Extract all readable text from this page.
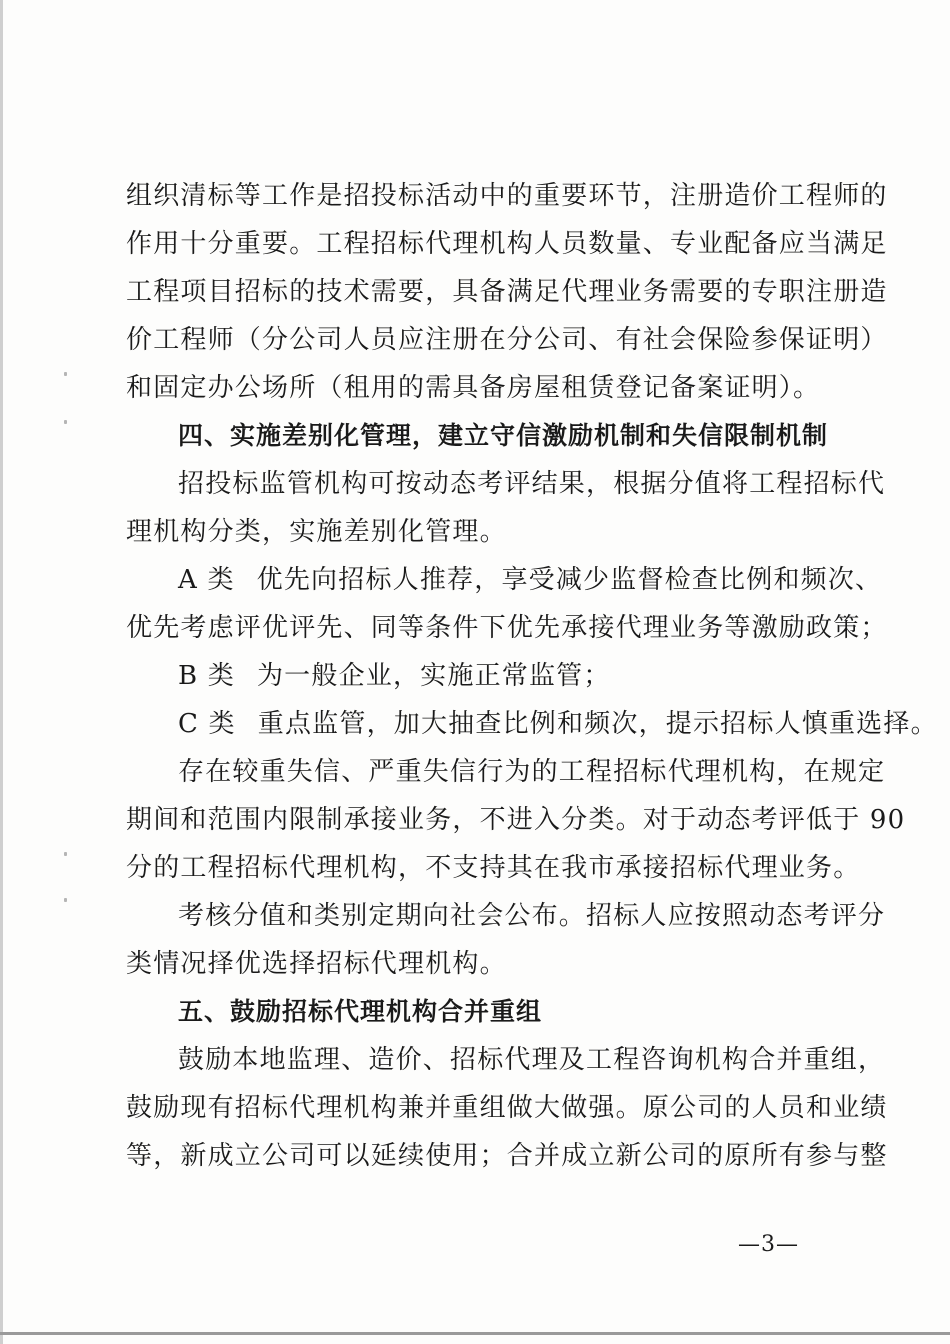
组织清标等工作是招投标活动中的重要环节，注册造价工程师的
作用十分重要。工程招标代理机构人员数量、专业配备应当满足
工程项目招标的技术需要，具备满足代理业务需要的专职注册造
价工程师（分公司人员应注册在分公司、有社会保险参保证明）
和固定办公场所（租用的需具备房屋租赁登记备案证明）。
四、实施差别化管理，建立守信激励机制和失信限制机制
招投标监管机构可按动态考评结果，根据分值将工程招标代
理机构分类，实施差别化管理。
A 类 优先向招标人推荐，享受减少监督检查比例和频次、
优先考虑评优评先、同等条件下优先承接代理业务等激励政策；
B 类 为一般企业，实施正常监管；
C 类 重点监管，加大抽查比例和频次，提示招标人慎重选择。
存在较重失信、严重失信行为的工程招标代理机构，在规定
期间和范围内限制承接业务，不进入分类。对于动态考评低于 90
分的工程招标代理机构，不支持其在我市承接招标代理业务。
考核分值和类别定期向社会公布。招标人应按照动态考评分
类情况择优选择招标代理机构。
五、鼓励招标代理机构合并重组
鼓励本地监理、造价、招标代理及工程咨询机构合并重组，
鼓励现有招标代理机构兼并重组做大做强。原公司的人员和业绩
等，新成立公司可以延续使用；合并成立新公司的原所有参与整
—3—
